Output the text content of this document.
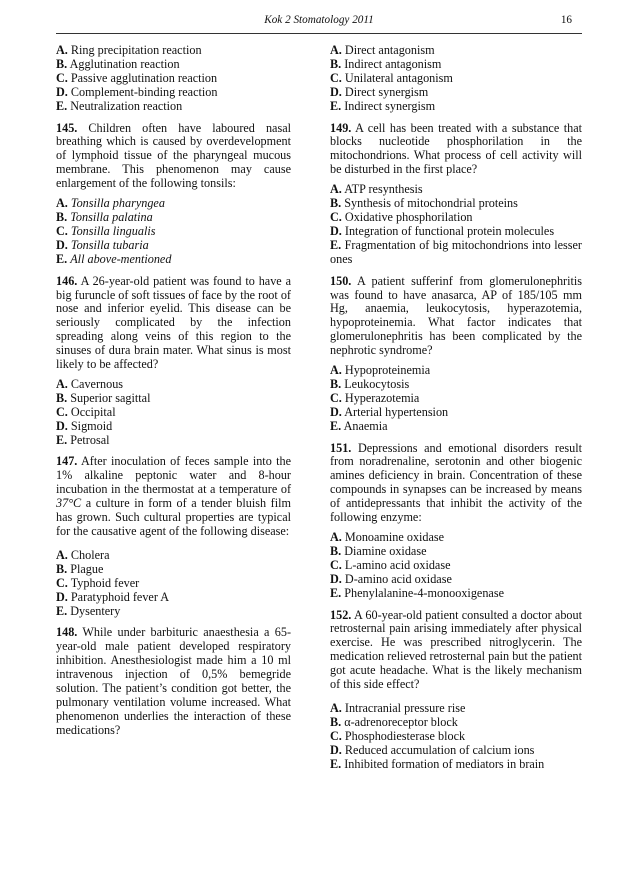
Kok 2 Stomatology 2011	16
A. Ring precipitation reaction
B. Agglutination reaction
C. Passive agglutination reaction
D. Complement-binding reaction
E. Neutralization reaction

145. Children often have laboured nasal breathing which is caused by overdevelopment of lymphoid tissue of the pharyngeal mucous membrane. This phenomenon may cause enlargement of the following tonsils:

A. Tonsilla pharyngea
B. Tonsilla palatina
C. Tonsilla lingualis
D. Tonsilla tubaria
E. All above-mentioned

146. A 26-year-old patient was found to have a big furuncle of soft tissues of face by the root of nose and inferior eyelid. This disease can be seriously complicated by the infection spreading along veins of this region to the sinuses of dura brain mater. What sinus is most likely to be affected?

A. Cavernous
B. Superior sagittal
C. Occipital
D. Sigmoid
E. Petrosal

147. After inoculation of feces sample into the 1% alkaline peptonic water and 8-hour incubation in the thermostat at a temperature of 37°C a culture in form of a tender bluish film has grown. Such cultural properties are typical for the causative agent of the following disease:

A. Cholera
B. Plague
C. Typhoid fever
D. Paratyphoid fever A
E. Dysentery

148. While under barbituric anaesthesia a 65-year-old male patient developed respiratory inhibition. Anesthesiologist made him a 10 ml intravenous injection of 0,5% bemegride solution. The patient’s condition got better, the pulmonary ventilation volume increased. What phenomenon underlies the interaction of these medications?

A. Direct antagonism
B. Indirect antagonism
C. Unilateral antagonism
D. Direct synergism
E. Indirect synergism

149. A cell has been treated with a substance that blocks nucleotide phosphorilation in the mitochondrions. What process of cell activity will be disturbed in the first place?

A. ATP resynthesis
B. Synthesis of mitochondrial proteins
C. Oxidative phosphorilation
D. Integration of functional protein molecules
E. Fragmentation of big mitochondrions into lesser ones

150. A patient sufferinf from glomerulonephritis was found to have anasarca, AP of 185/105 mm Hg, anaemia, leukocytosis, hyperazotemia, hypoproteinemia. What factor indicates that glomerulonephritis has been complicated by the nephrotic syndrome?

A. Hypoproteinemia
B. Leukocytosis
C. Hyperazotemia
D. Arterial hypertension
E. Anaemia

151. Depressions and emotional disorders result from noradrenaline, serotonin and other biogenic amines deficiency in brain. Concentration of these compounds in synapses can be increased by means of antidepressants that inhibit the activity of the following enzyme:

A. Monoamine oxidase
B. Diamine oxidase
C. L-amino acid oxidase
D. D-amino acid oxidase
E. Phenylalanine-4-monooxigenase

152. A 60-year-old patient consulted a doctor about retrosternal pain arising immediately after physical exercise. He was prescribed nitroglycerin. The medication relieved retrosternal pain but the patient got acute headache. What is the likely mechanism of this side effect?

A. Intracranial pressure rise
B. α-adrenoreceptor block
C. Phosphodiesterase block
D. Reduced accumulation of calcium ions
E. Inhibited formation of mediators in brain
